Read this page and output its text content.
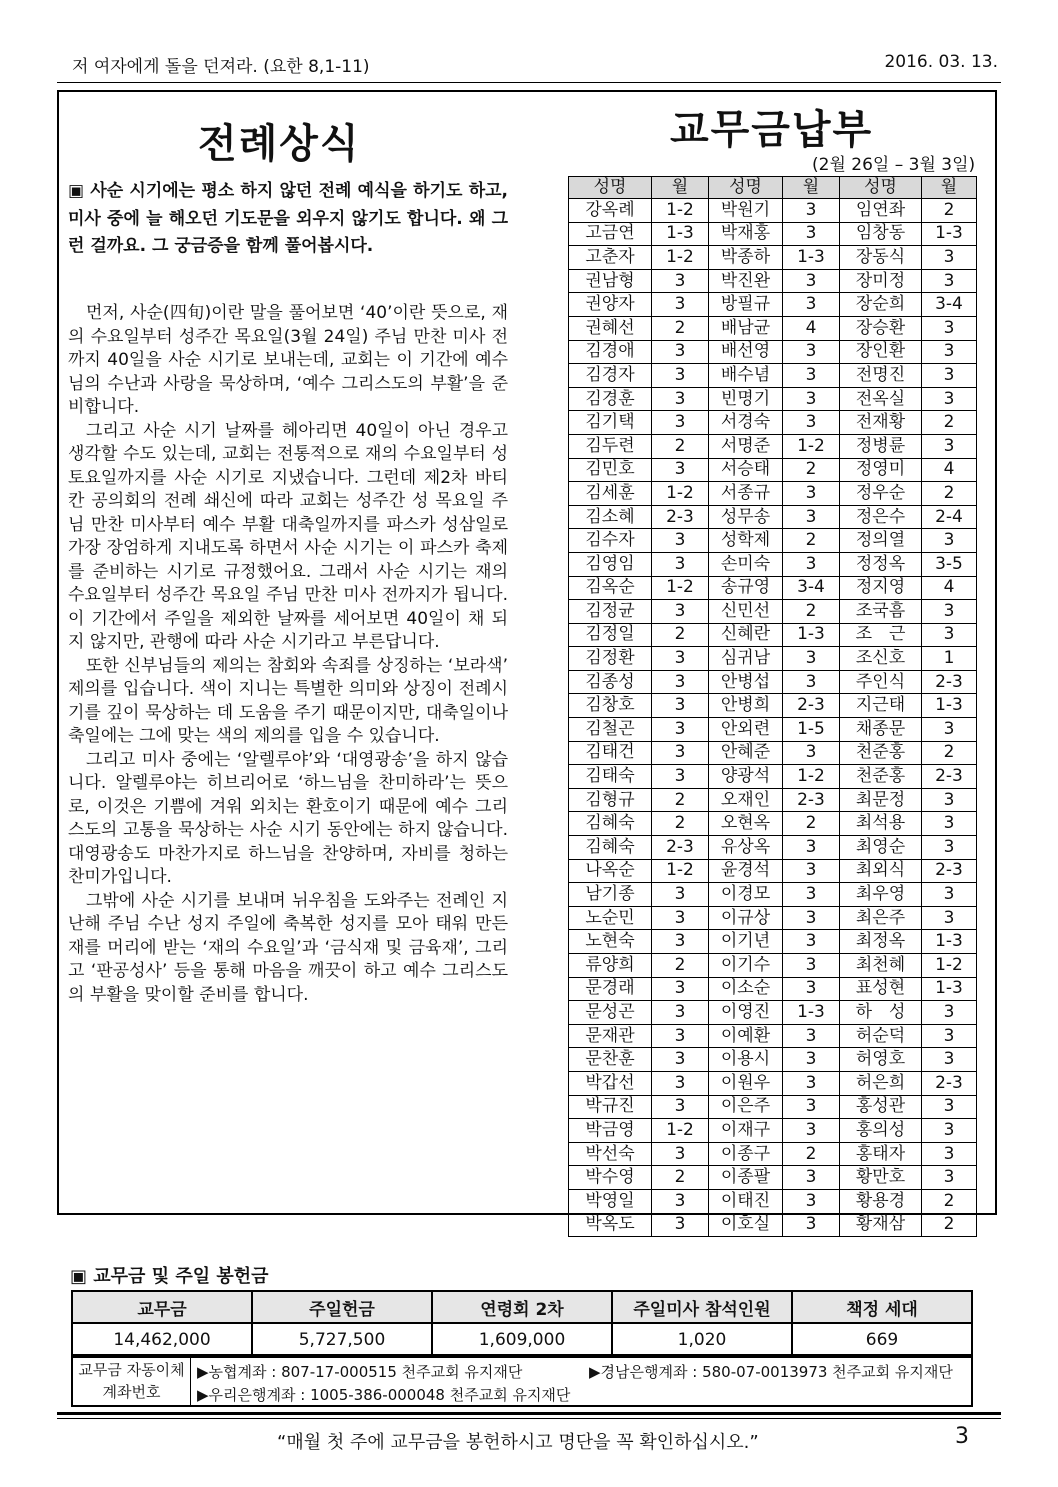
저 여자에게 돌을 던져라. (요한 8,1-11)	2016. 03. 13.
전례상식
▣ 사순 시기에는 평소 하지 않던 전례 예식을 하기도 하고, 미사 중에 늘 해오던 기도문을 외우지 않기도 합니다. 왜 그런 걸까요. 그 궁금증을 함께 풀어봅시다.

먼저, 사순(四旬)이란 말을 풀어보면 ‘40’이란 뜻으로, 재의 수요일부터 성주간 목요일(3월 24일) 주님 만찬 미사 전까지 40일을 사순 시기로 보내는데, 교회는 이 기간에 예수님의 수난과 사랑을 묵상하며, ‘예수 그리스도의 부활’을 준비합니다.

그리고 사순 시기 날짜를 헤아리면 40일이 아닌 경우고 생각할 수도 있는데, 교회는 전통적으로 재의 수요일부터 성토요일까지를 사순 시기로 지냈습니다. 그런데 제2차 바티칸 공의회의 전례 쇄신에 따라 교회는 성주간 성 목요일 주님 만찬 미사부터 예수 부활 대축일까지를 파스카 성삼일로 가장 장엄하게 지내도록 하면서 사순 시기는 이 파스카 축제를 준비하는 시기로 규정했어요. 그래서 사순 시기는 재의 수요일부터 성주간 목요일 주님 만찬 미사 전까지가 됩니다. 이 기간에서 주일을 제외한 날짜를 세어보면 40일이 채 되지 않지만, 관행에 따라 사순 시기라고 부른답니다.

또한 신부님들의 제의는 참회와 속죄를 상징하는 ‘보라색’ 제의를 입습니다. 색이 지니는 특별한 의미와 상징이 전례시기를 깊이 묵상하는 데 도움을 주기 때문이지만, 대축일이나 축일에는 그에 맞는 색의 제의를 입을 수 있습니다.

그리고 미사 중에는 ‘알렐루야’와 ‘대영광송’을 하지 않습니다. 알렐루야는 히브리어로 ‘하느님을 찬미하라’는 뜻으로, 이것은 기쁨에 겨워 외치는 환호이기 때문에 예수 그리스도의 고통을 묵상하는 사순 시기 동안에는 하지 않습니다. 대영광송도 마찬가지로 하느님을 찬양하며, 자비를 청하는 찬미가입니다.

그밖에 사순 시기를 보내며 뉘우침을 도와주는 전례인 지난해 주님 수난 성지 주일에 축복한 성지를 모아 태워 만든 재를 머리에 받는 ‘재의 수요일’과 ‘금식재 및 금육재’, 그리고 ‘판공성사’ 등을 통해 마음을 깨끗이 하고 예수 그리스도의 부활을 맞이할 준비를 합니다.

교무금납부
(2월 26일 – 3월 3일)
성명	월	성명	월	성명	월
강옥례	1-2	박원기	3	임연좌	2
고금연	1-3	박재홍	3	임창동	1-3
고춘자	1-2	박종하	1-3	장동식	3
권남형	3	박진완	3	장미정	3
권양자	3	방필규	3	장순희	3-4
권혜선	2	배남균	4	장승환	3
김경애	3	배선영	3	장인환	3
김경자	3	배수념	3	전명진	3
김경훈	3	빈명기	3	전옥실	3
김기택	3	서경숙	3	전재황	2
김두련	2	서명준	1-2	정병륜	3
김민호	3	서승태	2	정영미	4
김세훈	1-2	서종규	3	정우순	2
김소혜	2-3	성무송	3	정은수	2-4
김수자	3	성학제	2	정의열	3
김영임	3	손미숙	3	정정옥	3-5
김옥순	1-2	송규영	3-4	정지영	4
김정균	3	신민선	2	조국흠	3
김정일	2	신혜란	1-3	조　근	3
김정환	3	심귀남	3	조신호	1
김종성	3	안병섭	3	주인식	2-3
김창호	3	안병희	2-3	지근태	1-3
김철곤	3	안외련	1-5	채종문	3
김태건	3	안혜준	3	천준홍	2
김태숙	3	양광석	1-2	천준홍	2-3
김형규	2	오재인	2-3	최문정	3
김혜숙	2	오현옥	2	최석용	3
김혜숙	2-3	유상옥	3	최영순	3
나옥순	1-2	윤경석	3	최외식	2-3
남기종	3	이경모	3	최우영	3
노순민	3	이규상	3	최은주	3
노현숙	3	이기년	3	최정옥	1-3
류양희	2	이기수	3	최천혜	1-2
문경래	3	이소순	3	표성현	1-3
문성곤	3	이영진	1-3	하　성	3
문재관	3	이예환	3	허순덕	3
문찬훈	3	이용시	3	허영호	3
박갑선	3	이원우	3	허은희	2-3
박규진	3	이은주	3	홍성관	3
박금영	1-2	이재구	3	홍의성	3
박선숙	3	이종구	2	홍태자	3
박수영	2	이종팔	3	황만호	3
박영일	3	이태진	3	황용경	2
박옥도	3	이호실	3	황재삼	2
▣ 교무금 및 주일 봉헌금
교무금	주일헌금	연령회 2차	주일미사 참석인원	책정 세대
14,462,000	5,727,500	1,609,000	1,020	669
교무금 자동이체
계좌번호
▶농협계좌 : 807-17-000515 천주교회 유지재단	▶경남은행계좌 : 580-07-0013973 천주교회 유지재단
▶우리은행계좌 : 1005-386-000048 천주교회 유지재단
“매월 첫 주에 교무금을 봉헌하시고 명단을 꼭 확인하십시오.”	3
